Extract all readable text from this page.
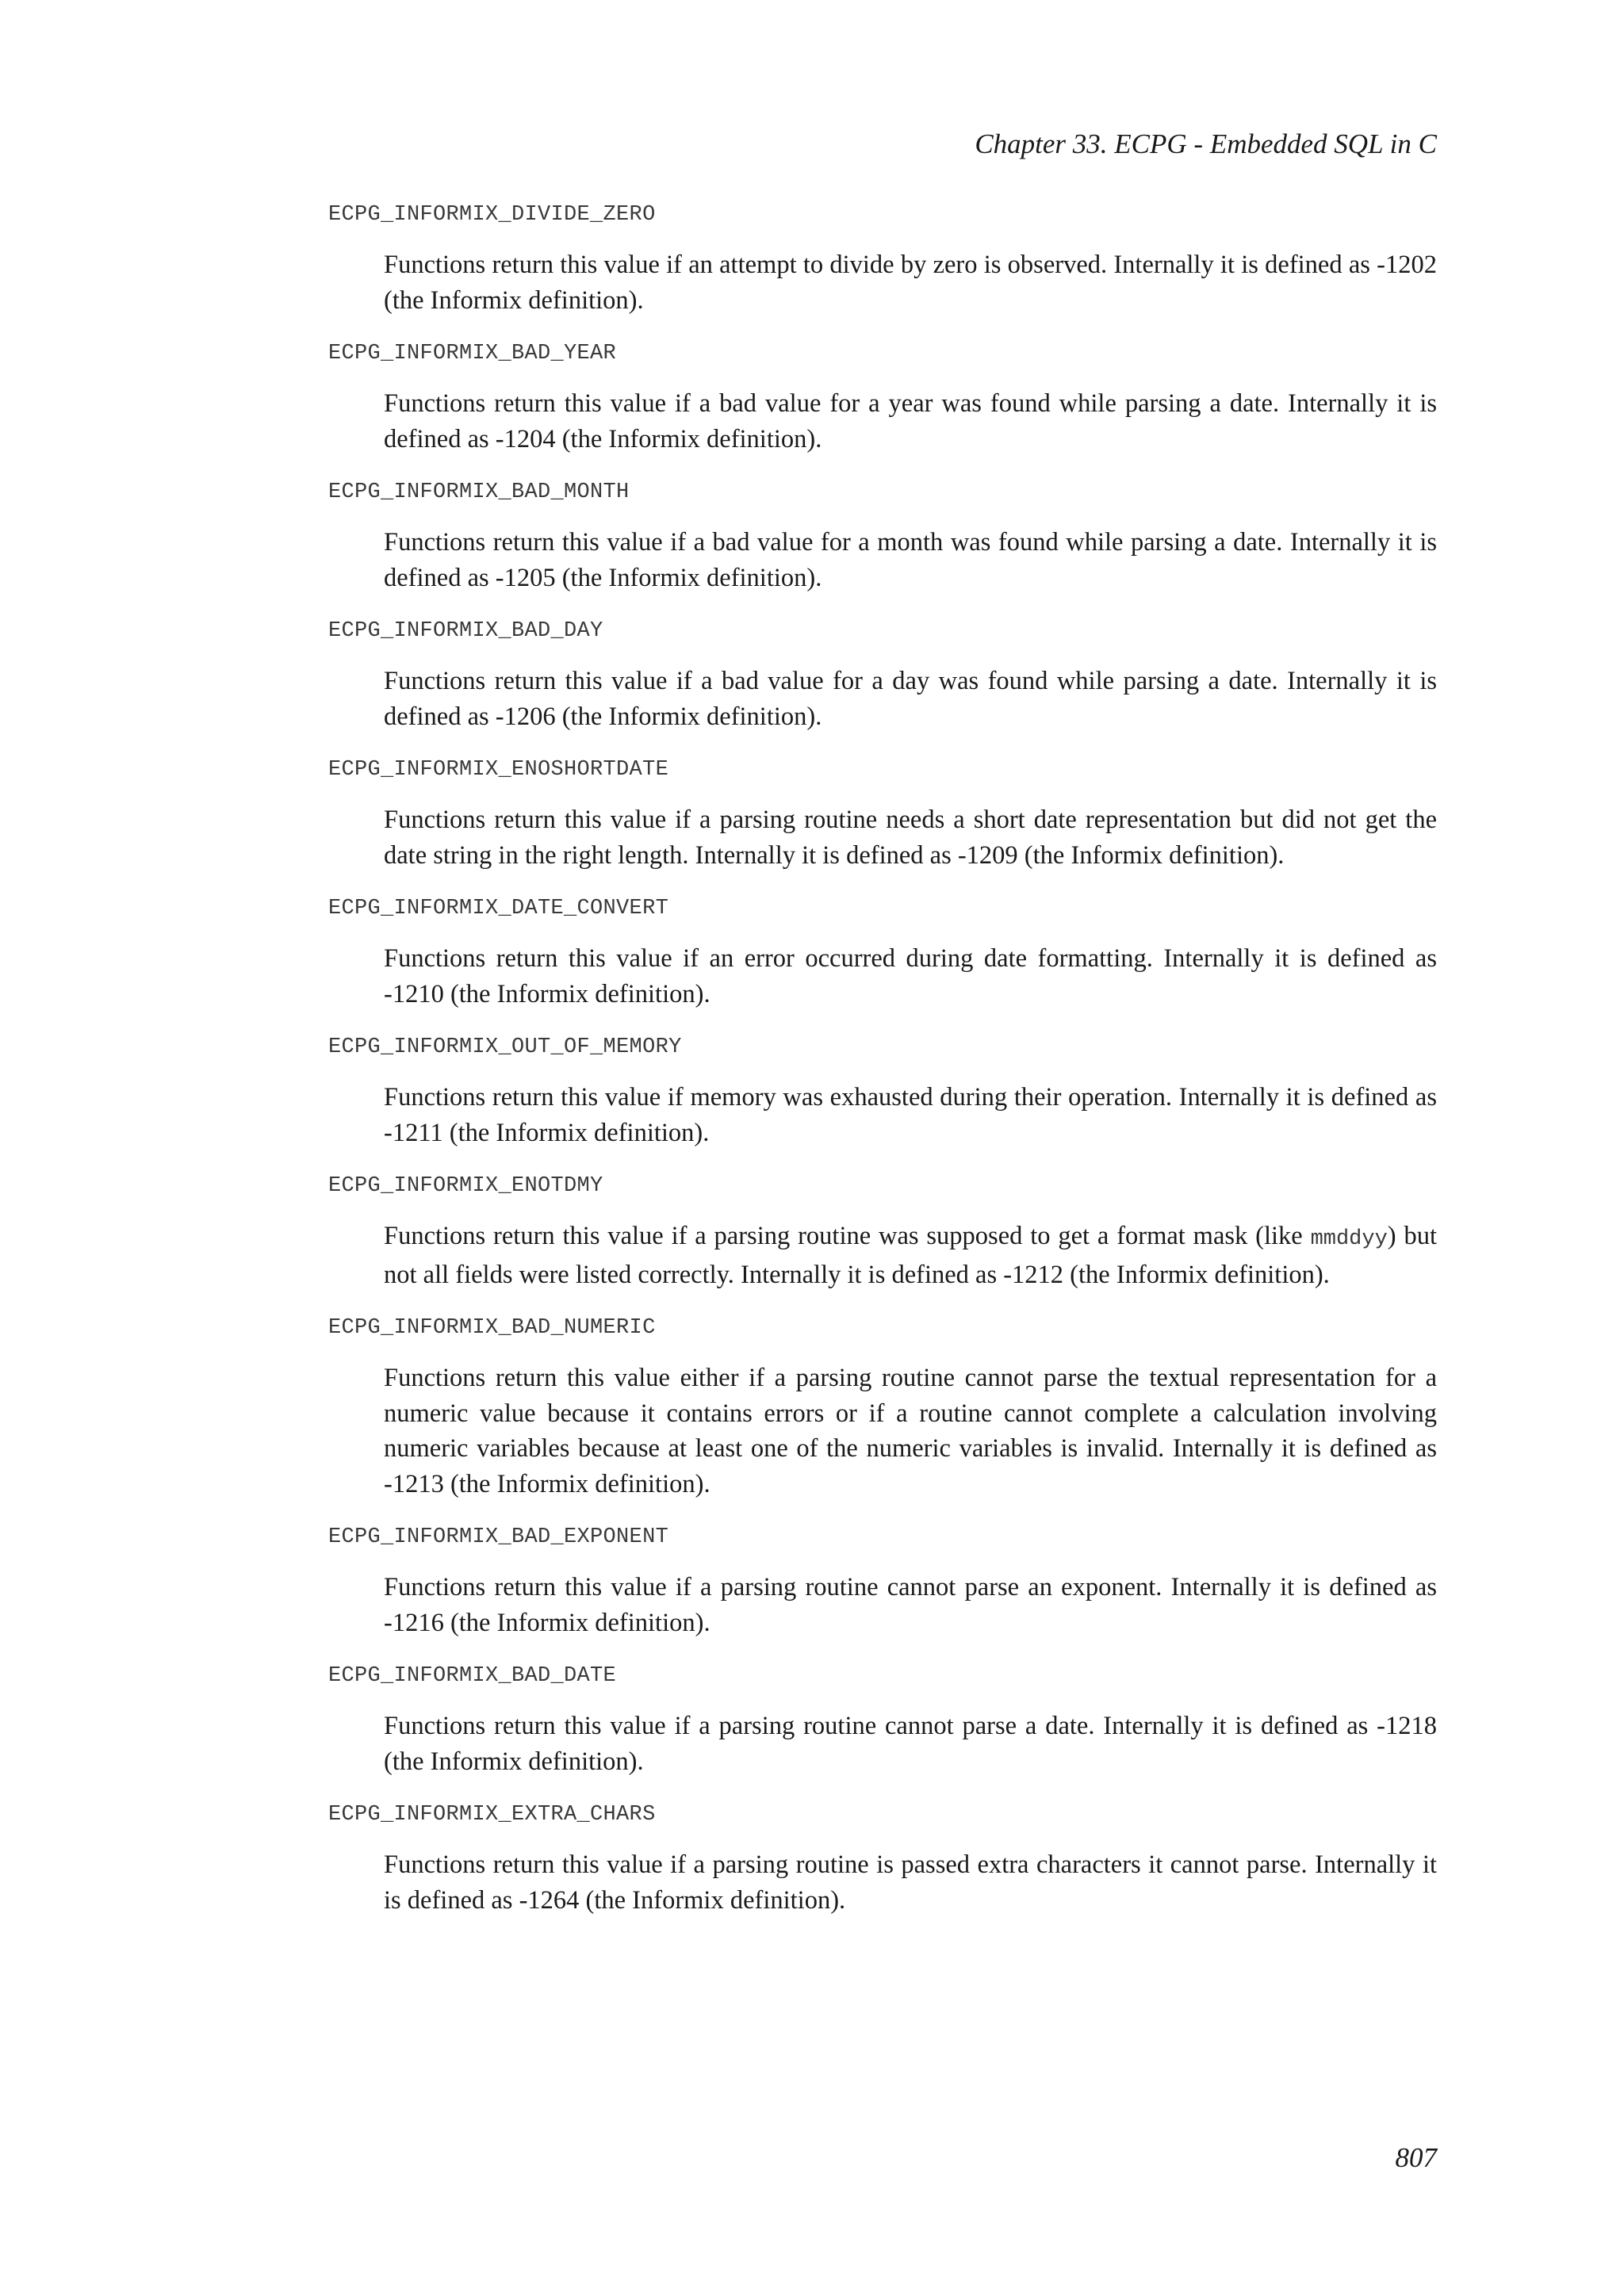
Chapter 33. ECPG - Embedded SQL in C
ECPG_INFORMIX_DIVIDE_ZERO
Functions return this value if an attempt to divide by zero is observed. Internally it is defined as -1202 (the Informix definition).
ECPG_INFORMIX_BAD_YEAR
Functions return this value if a bad value for a year was found while parsing a date. Internally it is defined as -1204 (the Informix definition).
ECPG_INFORMIX_BAD_MONTH
Functions return this value if a bad value for a month was found while parsing a date. Internally it is defined as -1205 (the Informix definition).
ECPG_INFORMIX_BAD_DAY
Functions return this value if a bad value for a day was found while parsing a date. Internally it is defined as -1206 (the Informix definition).
ECPG_INFORMIX_ENOSHORTDATE
Functions return this value if a parsing routine needs a short date representation but did not get the date string in the right length. Internally it is defined as -1209 (the Informix definition).
ECPG_INFORMIX_DATE_CONVERT
Functions return this value if an error occurred during date formatting. Internally it is defined as -1210 (the Informix definition).
ECPG_INFORMIX_OUT_OF_MEMORY
Functions return this value if memory was exhausted during their operation. Internally it is defined as -1211 (the Informix definition).
ECPG_INFORMIX_ENOTDMY
Functions return this value if a parsing routine was supposed to get a format mask (like mmddyy) but not all fields were listed correctly. Internally it is defined as -1212 (the Informix definition).
ECPG_INFORMIX_BAD_NUMERIC
Functions return this value either if a parsing routine cannot parse the textual representation for a numeric value because it contains errors or if a routine cannot complete a calculation involving numeric variables because at least one of the numeric variables is invalid. Internally it is defined as -1213 (the Informix definition).
ECPG_INFORMIX_BAD_EXPONENT
Functions return this value if a parsing routine cannot parse an exponent. Internally it is defined as -1216 (the Informix definition).
ECPG_INFORMIX_BAD_DATE
Functions return this value if a parsing routine cannot parse a date. Internally it is defined as -1218 (the Informix definition).
ECPG_INFORMIX_EXTRA_CHARS
Functions return this value if a parsing routine is passed extra characters it cannot parse. Internally it is defined as -1264 (the Informix definition).
807
